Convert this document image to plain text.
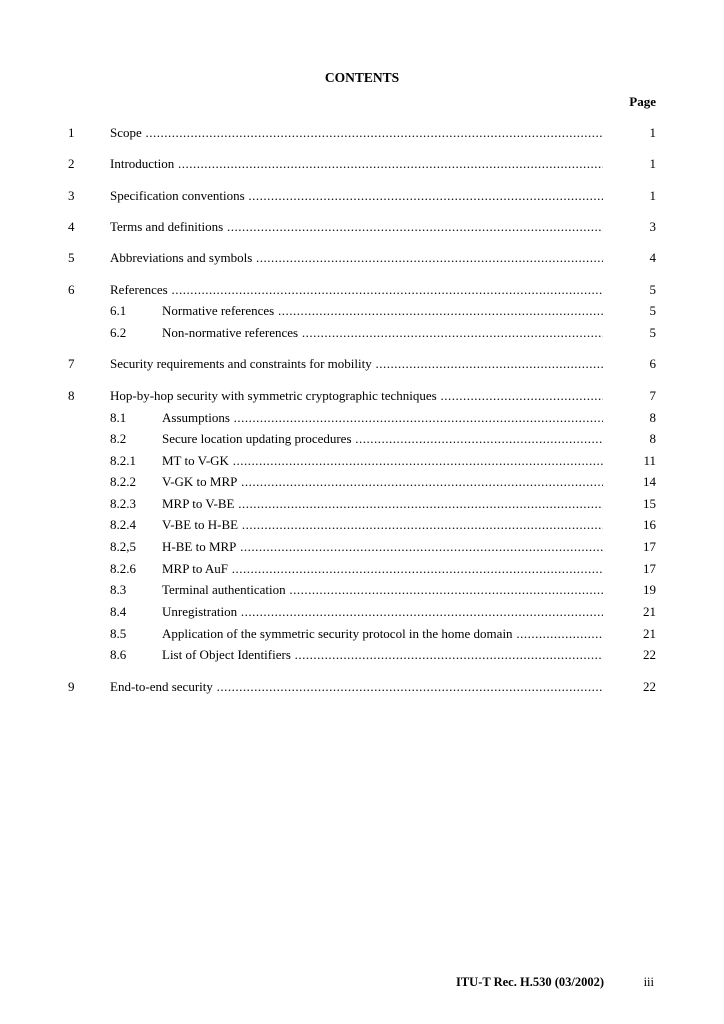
CONTENTS
Page
1	Scope .....	1
2	Introduction .....	1
3	Specification conventions .....	1
4	Terms and definitions .....	3
5	Abbreviations and symbols .....	4
6	References .....	5
6.1	Normative references .....	5
6.2	Non-normative references .....	5
7	Security requirements and constraints for mobility .....	6
8	Hop-by-hop security with symmetric cryptographic techniques .....	7
8.1	Assumptions .....	8
8.2	Secure location updating procedures .....	8
8.2.1 MT to V-GK .....	11
8.2.2 V-GK to MRP .....	14
8.2.3 MRP to V-BE .....	15
8.2.4 V-BE to H-BE .....	16
8.2,5 H-BE to MRP .....	17
8.2.6 MRP to AuF .....	17
8.3	Terminal authentication .....	19
8.4	Unregistration .....	21
8.5	Application of the symmetric security protocol in the home domain .....	21
8.6	List of Object Identifiers .....	22
9	End-to-end security .....	22
ITU-T Rec. H.530 (03/2002)	iii
